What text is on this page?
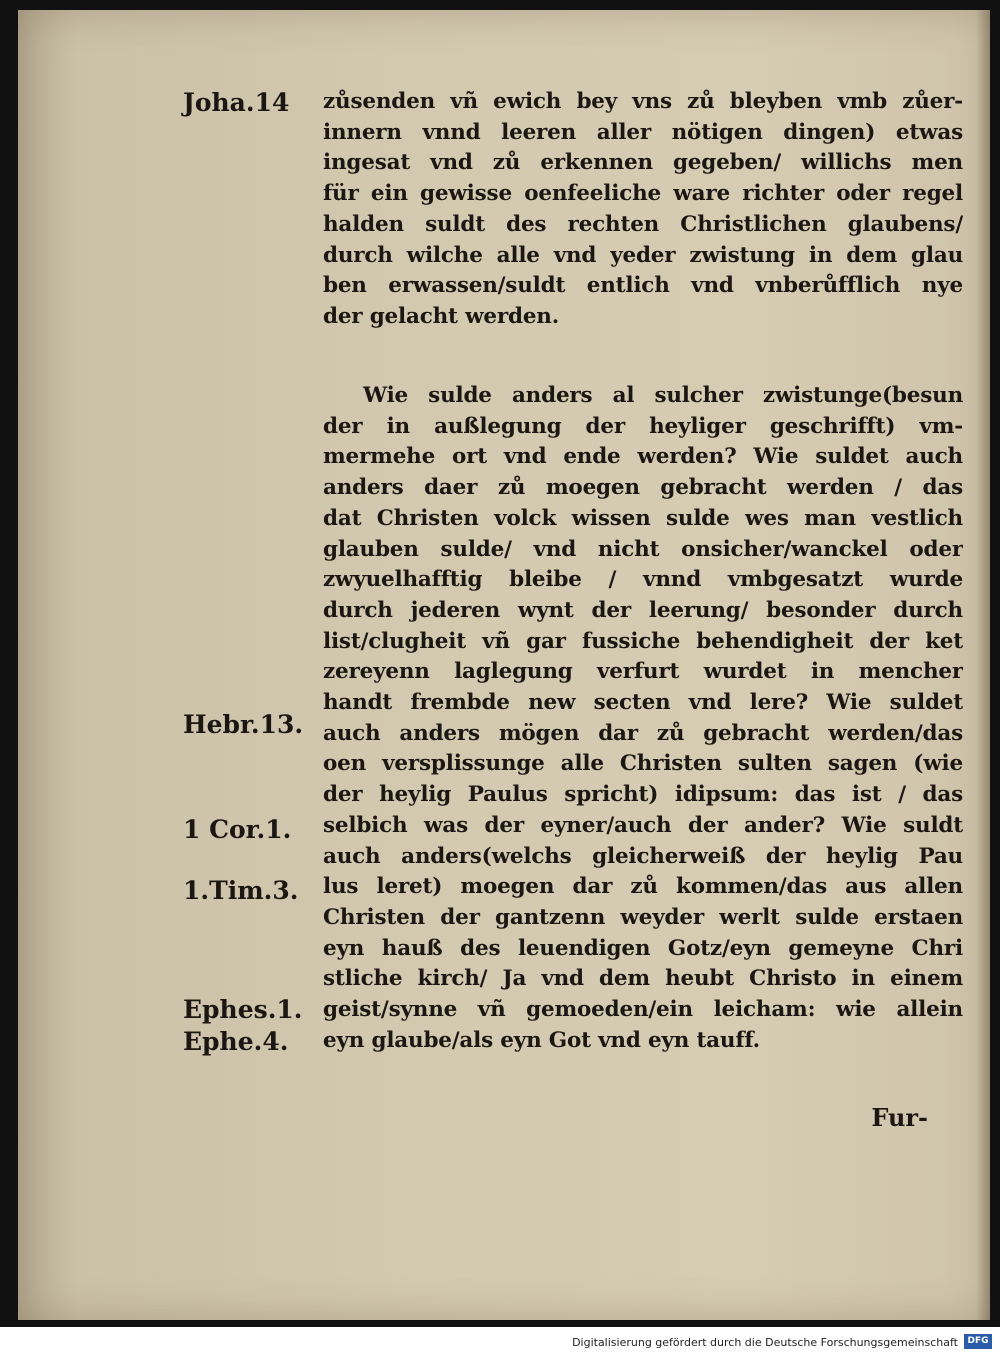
Joha.14
Hebr.13.
1 Cor.1.
1.Tim.3.
Ephes.1.
Ephe.4.
zůsenden vñ ewich bey vns zů bleyben vmb zůer-
innern vnnd leeren aller nötigen dingen) etwas
ingesat vnd zů erkennen gegeben/ willichs men
für ein gewisse oenfeeliche ware richter oder regel
halden suldt des rechten Christlichen glaubens/
durch wilche alle vnd yeder zwistung in dem glau
ben erwassen/suldt entlich vnd vnberůfflich nye
der gelacht werden.
Wie sulde anders al sulcher zwistunge(besun
der in außlegung der heyliger geschrifft) vm-
mermehe ort vnd ende werden? Wie suldet auch
anders daer zů moegen gebracht werden / das
dat Christen volck wissen sulde wes man vestlich
glauben sulde/ vnd nicht onsicher/wanckel oder
zwyuelhafftig bleibe / vnnd vmbgesatzt wurde
durch jederen wynt der leerung/ besonder durch
list/clugheit vñ gar fussiche behendigheit der ket
zereyenn laglegung verfurt wurdet in mencher
handt frembde new secten vnd lere? Wie suldet
auch anders mögen dar zů gebracht werden/das
oen versplissunge alle Christen sulten sagen (wie
der heylig Paulus spricht) idipsum: das ist / das
selbich was der eyner/auch der ander? Wie suldt
auch anders(welchs gleicherweiß der heylig Pau
lus leret) moegen dar zů kommen/das aus allen
Christen der gantzenn weyder werlt sulde erstaen
eyn hauß des leuendigen Gotz/eyn gemeyne Chri
stliche kirch/ Ja vnd dem heubt Christo in einem
geist/synne vñ gemoeden/ein leicham: wie allein
eyn glaube/als eyn Got vnd eyn tauff.
Fur-
Digitalisierung gefördert durch die Deutsche Forschungsgemeinschaft	DFG
